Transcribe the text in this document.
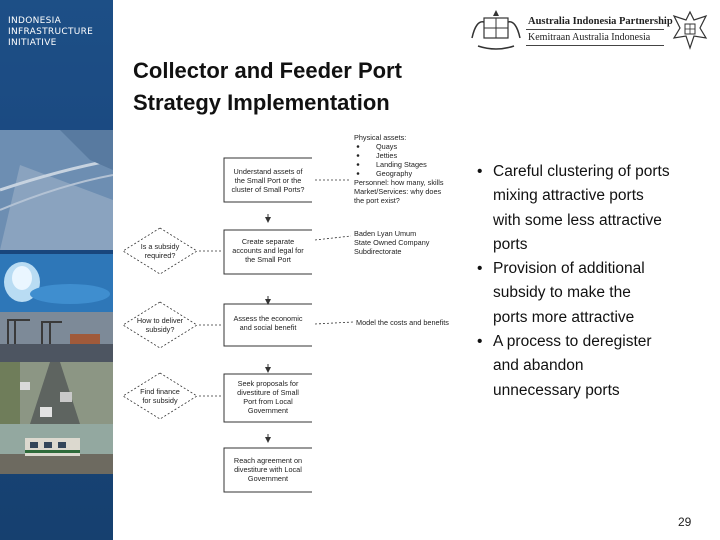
INDONESIA
INFRASTRUCTURE
INITIATIVE
Australia Indonesia Partnership
Kemitraan Australia Indonesia
Collector and Feeder Port
Strategy Implementation
Physical assets:
Quays
Jetties
Landing Stages
Geography
Personnel: how many, skills
Market/Services: why does
the port exist?
Understand assets of
the Small Port or the
cluster of Small Ports?
Create separate
accounts and legal for
the Small Port
Baden Lyan Umum
State Owned Company
Subdirectorate
Is a subsidy
required?
Assess the economic
and social benefit
Model the costs and benefits
How to deliver
subsidy?
Seek proposals for
divestiture of Small
Port from Local
Government
Find finance
for subsidy
Reach agreement on
divestiture with Local
Government
• Careful clustering of ports
mixing attractive ports
with some less attractive
ports
• Provision of additional
subsidy to make the
ports more attractive
• A process to deregister
and abandon
unnecessary ports
29
